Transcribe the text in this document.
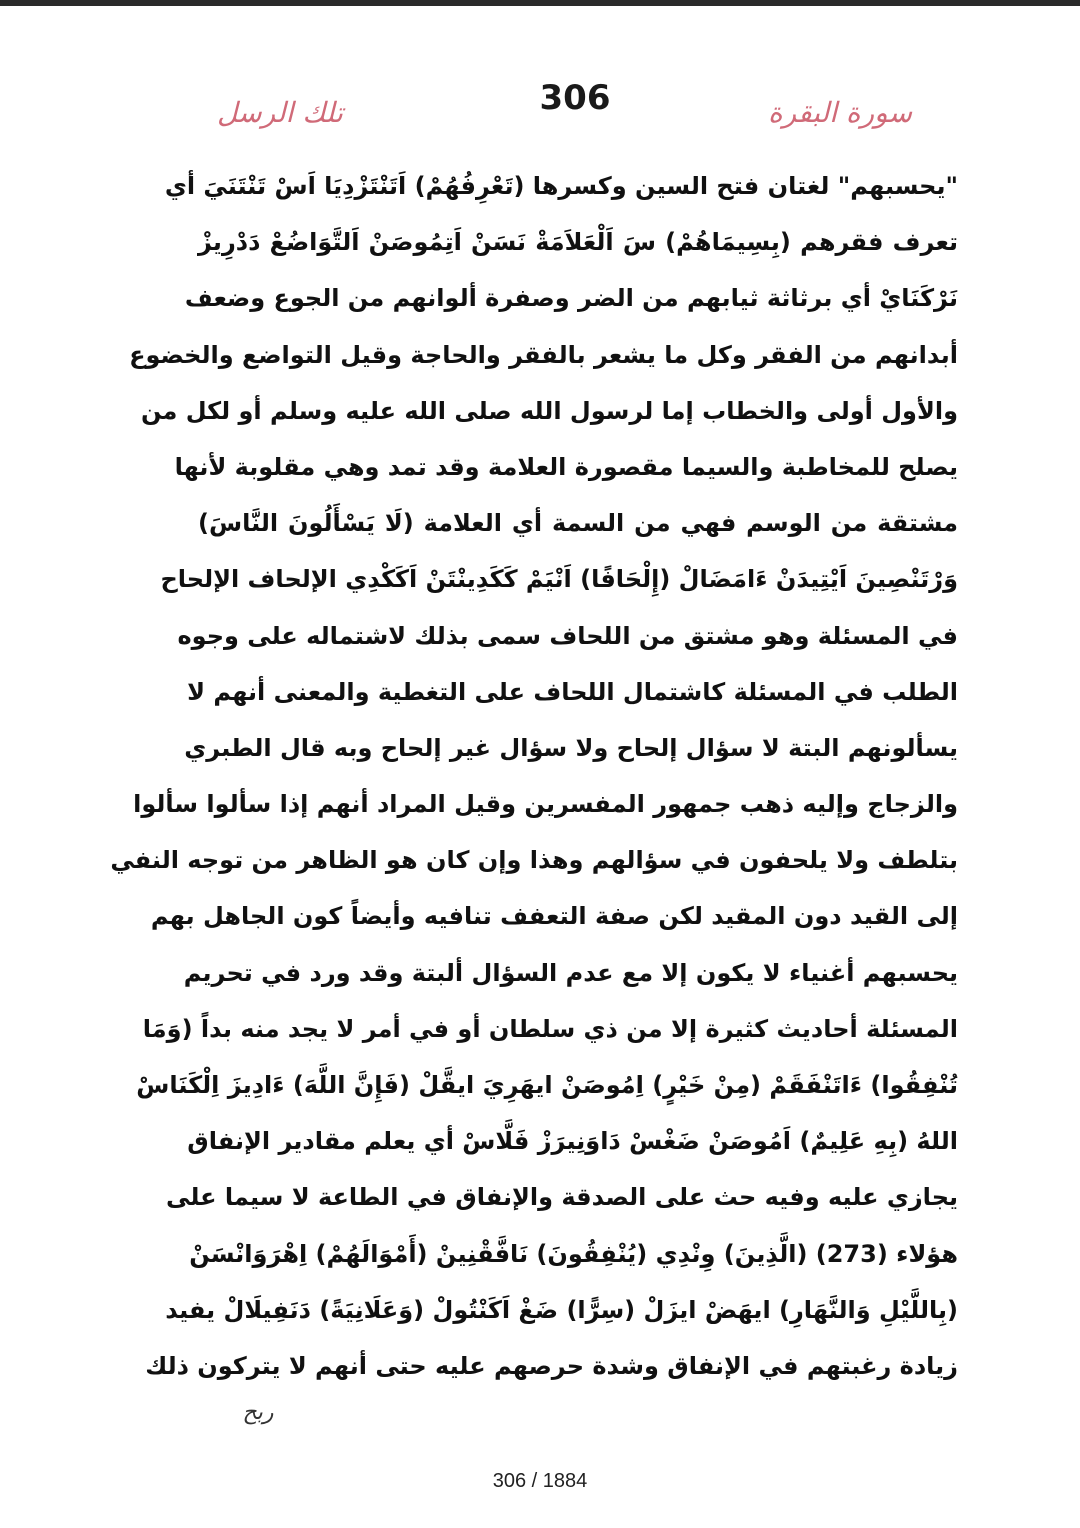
306	سورة البقرة
تلك الرسل
"يحسبهم" لغتان فتح السين وكسرها (تَعْرِفُهُمْ) اَتَنْتَزْدِيَا اَسْ تَنْتَنَيَ أي
تعرف فقرهم (بِسِيمَاهُمْ) سَ اَلْعَلاَمَةْ نَسَنْ اَتِمُوصَنْ اَلتَّوَاضُعْ دَدْرِيزْ
نَرْكَنَايْ أي برثاثة ثيابهم من الضر وصفرة ألوانهم من الجوع وضعف
أبدانهم من الفقر وكل ما يشعر بالفقر والحاجة وقيل التواضع والخضوع
والأول أولى والخطاب إما لرسول الله صلى الله عليه وسلم أو لكل من
يصلح للمخاطبة والسيما مقصورة العلامة وقد تمد وهي مقلوبة لأنها
مشتقة من الوسم فهي من السمة أي العلامة (لَا يَسْأَلُونَ النَّاسَ)
وَرْتَنْصِينَ اَيْتِيدَنْ ءَامَضَالْ (إِلْحَافًا) اَنْيَمْ كَكَدِينْتَنْ اَكَكْدِي الإلحاف الإلحاح
في المسئلة وهو مشتق من اللحاف سمى بذلك لاشتماله على وجوه
الطلب في المسئلة كاشتمال اللحاف على التغطية والمعنى أنهم لا
يسألونهم البتة لا سؤال إلحاح ولا سؤال غير إلحاح وبه قال الطبري
والزجاج وإليه ذهب جمهور المفسرين وقيل المراد أنهم إذا سألوا سألوا
بتلطف ولا يلحفون في سؤالهم وهذا وإن كان هو الظاهر من توجه النفي
إلى القيد دون المقيد لكن صفة التعفف تنافيه وأيضاً كون الجاهل بهم
يحسبهم أغنياء لا يكون إلا مع عدم السؤال ألبتة وقد ورد في تحريم
المسئلة أحاديث كثيرة إلا من ذي سلطان أو في أمر لا يجد منه بداً (وَمَا
تُنْفِقُوا) ءَاتَنْفَقَمْ (مِنْ خَيْرٍ) اِمُوصَنْ ايهَرِيَ ايقَّلْ (فَإِنَّ اللَّهَ) ءَادِيزَ اِلْكَنَاسْ
اللهُ (بِهِ عَلِيمٌ) اَمُوصَنْ ضَغْسْ دَاوَنِيرَزْ فَلَّاسْ أي يعلم مقادير الإنفاق
يجازي عليه وفيه حث على الصدقة والإنفاق في الطاعة لا سيما على
هؤلاء (273) (الَّذِينَ) وِنْدِي (يُنْفِقُونَ) نَافَّقْنِينْ (أَمْوَالَهُمْ) اِهْرَوَانْسَنْ
(بِاللَّيْلِ وَالنَّهَارِ) ايهَضْ ايزَلْ (سِرًّا) ضَغْ اَكَنْتُولْ (وَعَلَانِيَةً) دَنَفِيلَالْ يفيد
زيادة رغبتهم في الإنفاق وشدة حرصهم عليه حتى أنهم لا يتركون ذلك
ربح
306 / 1884
